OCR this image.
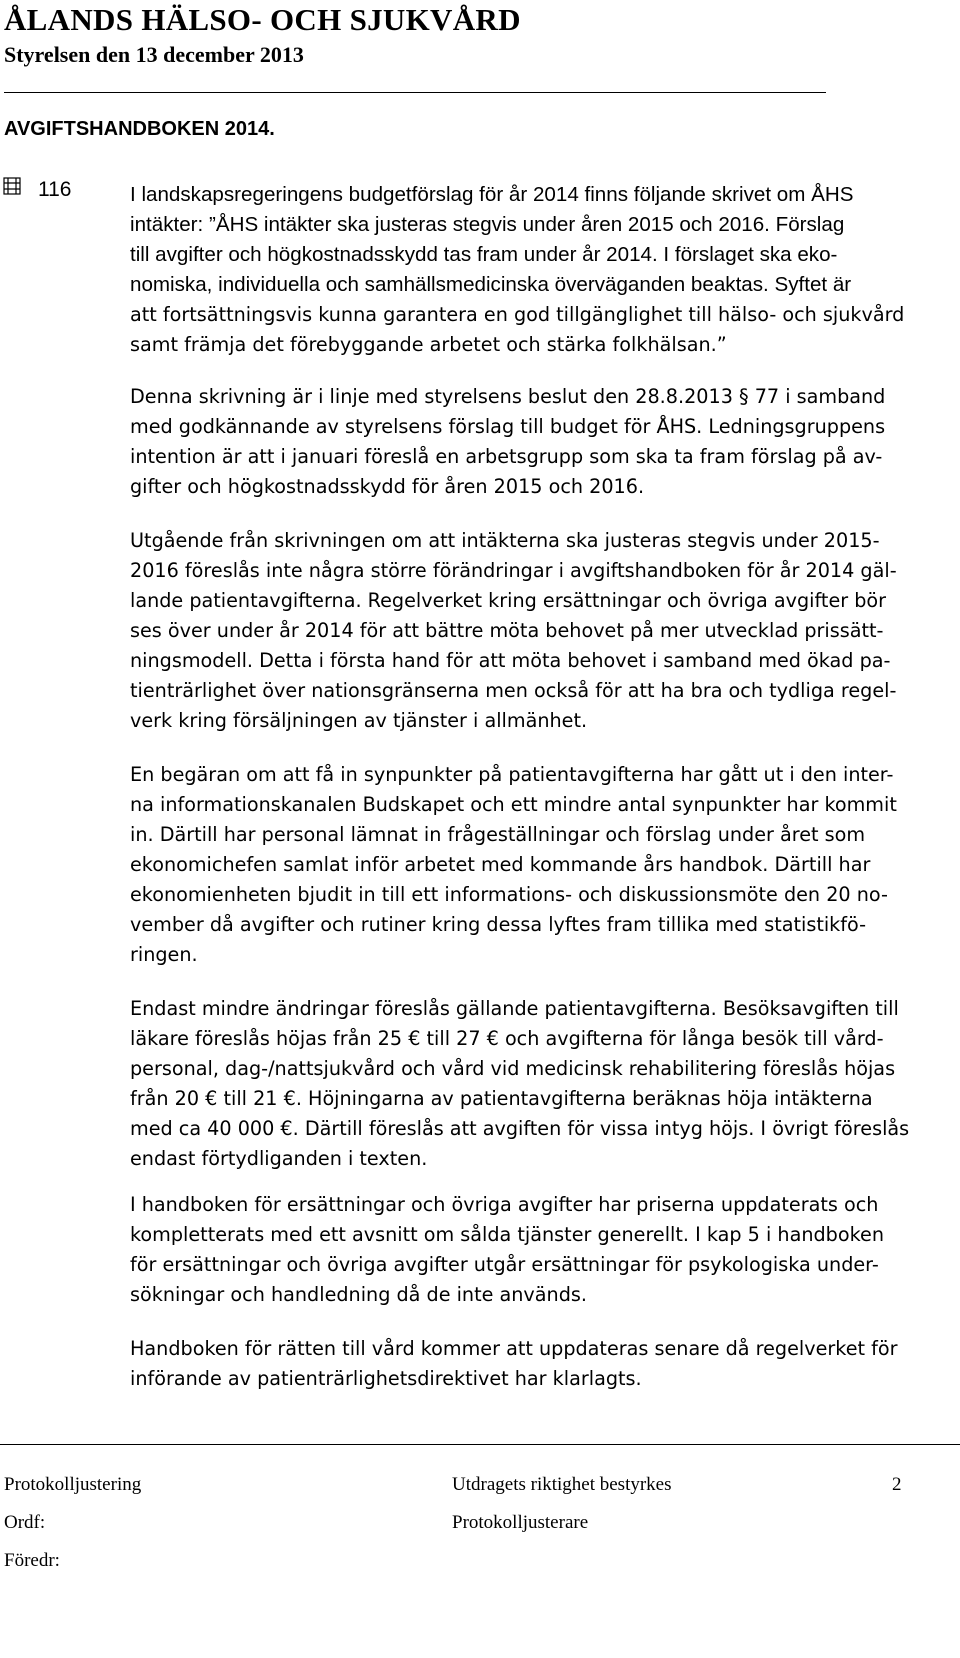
ÅLANDS HÄLSO- OCH SJUKVÅRD
Styrelsen den 13 december 2013
AVGIFTSHANDBOKEN 2014.
116	I landskapsregeringens budgetförslag för år 2014 finns följande skrivet om ÅHS
intäkter: ”ÅHS intäkter ska justeras stegvis under åren 2015 och 2016. Förslag
till avgifter och högkostnadsskydd tas fram under år 2014. I förslaget ska eko-
nomiska, individuella och samhällsmedicinska överväganden beaktas. Syftet är
att fortsättningsvis kunna garantera en god tillgänglighet till hälso- och sjukvård
samt främja det förebyggande arbetet och stärka folkhälsan.”
Denna skrivning är i linje med styrelsens beslut den 28.8.2013 § 77 i samband
med godkännande av styrelsens förslag till budget för ÅHS. Ledningsgruppens
intention är att i januari föreslå en arbetsgrupp som ska ta fram förslag på av-
gifter och högkostnadsskydd för åren 2015 och 2016.
Utgående från skrivningen om att intäkterna ska justeras stegvis under 2015-
2016 föreslås inte några större förändringar i avgiftshandboken för år 2014 gäl-
lande patientavgifterna. Regelverket kring ersättningar och övriga avgifter bör
ses över under år 2014 för att bättre möta behovet på mer utvecklad prissätt-
ningsmodell. Detta i första hand för att möta behovet i samband med ökad pa-
tienträrlighet över nationsgränserna men också för att ha bra och tydliga regel-
verk kring försäljningen av tjänster i allmänhet.
En begäran om att få in synpunkter på patientavgifterna har gått ut i den inter-
na informationskanalen Budskapet och ett mindre antal synpunkter har kommit
in. Därtill har personal lämnat in frågeställningar och förslag under året som
ekonomichefen samlat inför arbetet med kommande års handbok. Därtill har
ekonomienheten bjudit in till ett informations- och diskussionsmöte den 20 no-
vember då avgifter och rutiner kring dessa lyftes fram tillika med statistikfö-
ringen.
Endast mindre ändringar föreslås gällande patientavgifterna. Besöksavgiften till
läkare föreslås höjas från 25 € till 27 € och avgifterna för långa besök till vård-
personal, dag-/nattsjukvård och vård vid medicinsk rehabilitering föreslås höjas
från 20 € till 21 €. Höjningarna av patientavgifterna beräknas höja intäkterna
med ca 40 000 €. Därtill föreslås att avgiften för vissa intyg höjs. I övrigt föreslås
endast förtydliganden i texten.
I handboken för ersättningar och övriga avgifter har priserna uppdaterats och
kompletterats med ett avsnitt om sålda tjänster generellt. I kap 5 i handboken
för ersättningar och övriga avgifter utgår ersättningar för psykologiska under-
sökningar och handledning då de inte används.
Handboken för rätten till vård kommer att uppdateras senare då regelverket för
införande av patienträrlighetsdirektivet har klarlagts.
Protokolljustering	Utdragets riktighet bestyrkes	2
Ordf:	Protokolljusterare
Föredr:
